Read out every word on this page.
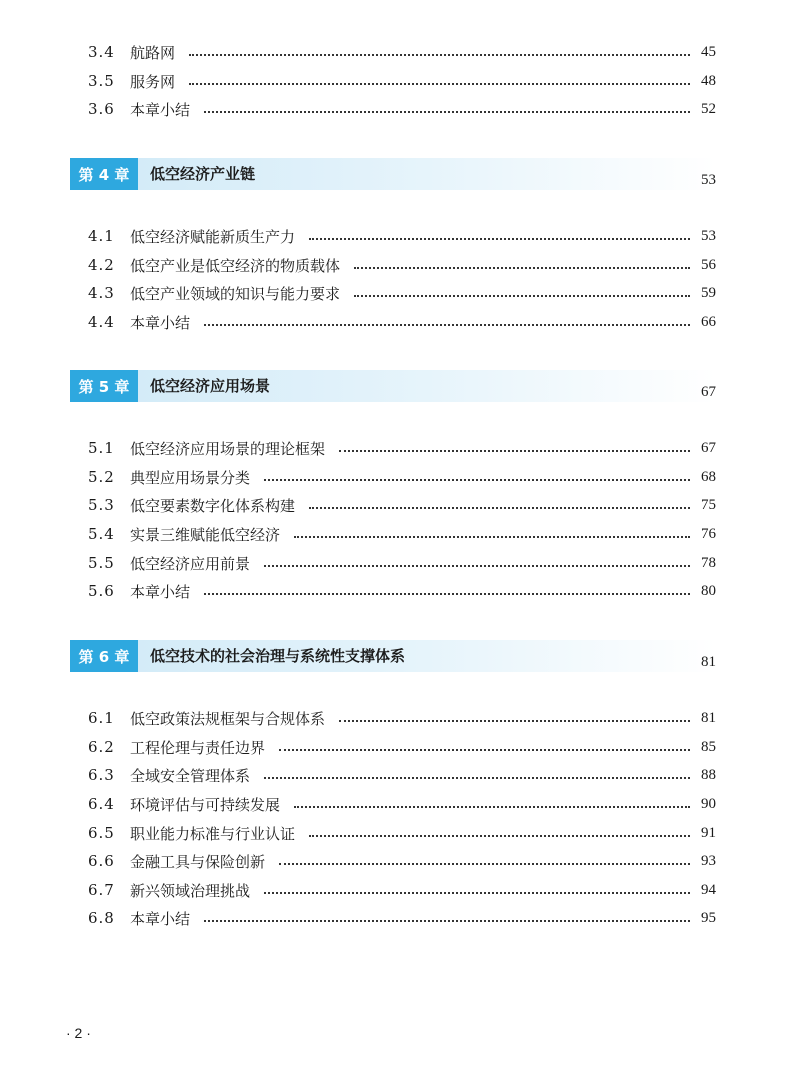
3.4	航路网	45
3.5	服务网	48
3.6	本章小结	52
第 4 章	低空经济产业链	53
4.1	低空经济赋能新质生产力	53
4.2	低空产业是低空经济的物质载体	56
4.3	低空产业领域的知识与能力要求	59
4.4	本章小结	66
第 5 章	低空经济应用场景	67
5.1	低空经济应用场景的理论框架	67
5.2	典型应用场景分类	68
5.3	低空要素数字化体系构建	75
5.4	实景三维赋能低空经济	76
5.5	低空经济应用前景	78
5.6	本章小结	80
第 6 章	低空技术的社会治理与系统性支撑体系	81
6.1	低空政策法规框架与合规体系	81
6.2	工程伦理与责任边界	85
6.3	全域安全管理体系	88
6.4	环境评估与可持续发展	90
6.5	职业能力标准与行业认证	91
6.6	金融工具与保险创新	93
6.7	新兴领域治理挑战	94
6.8	本章小结	95
· 2 ·
